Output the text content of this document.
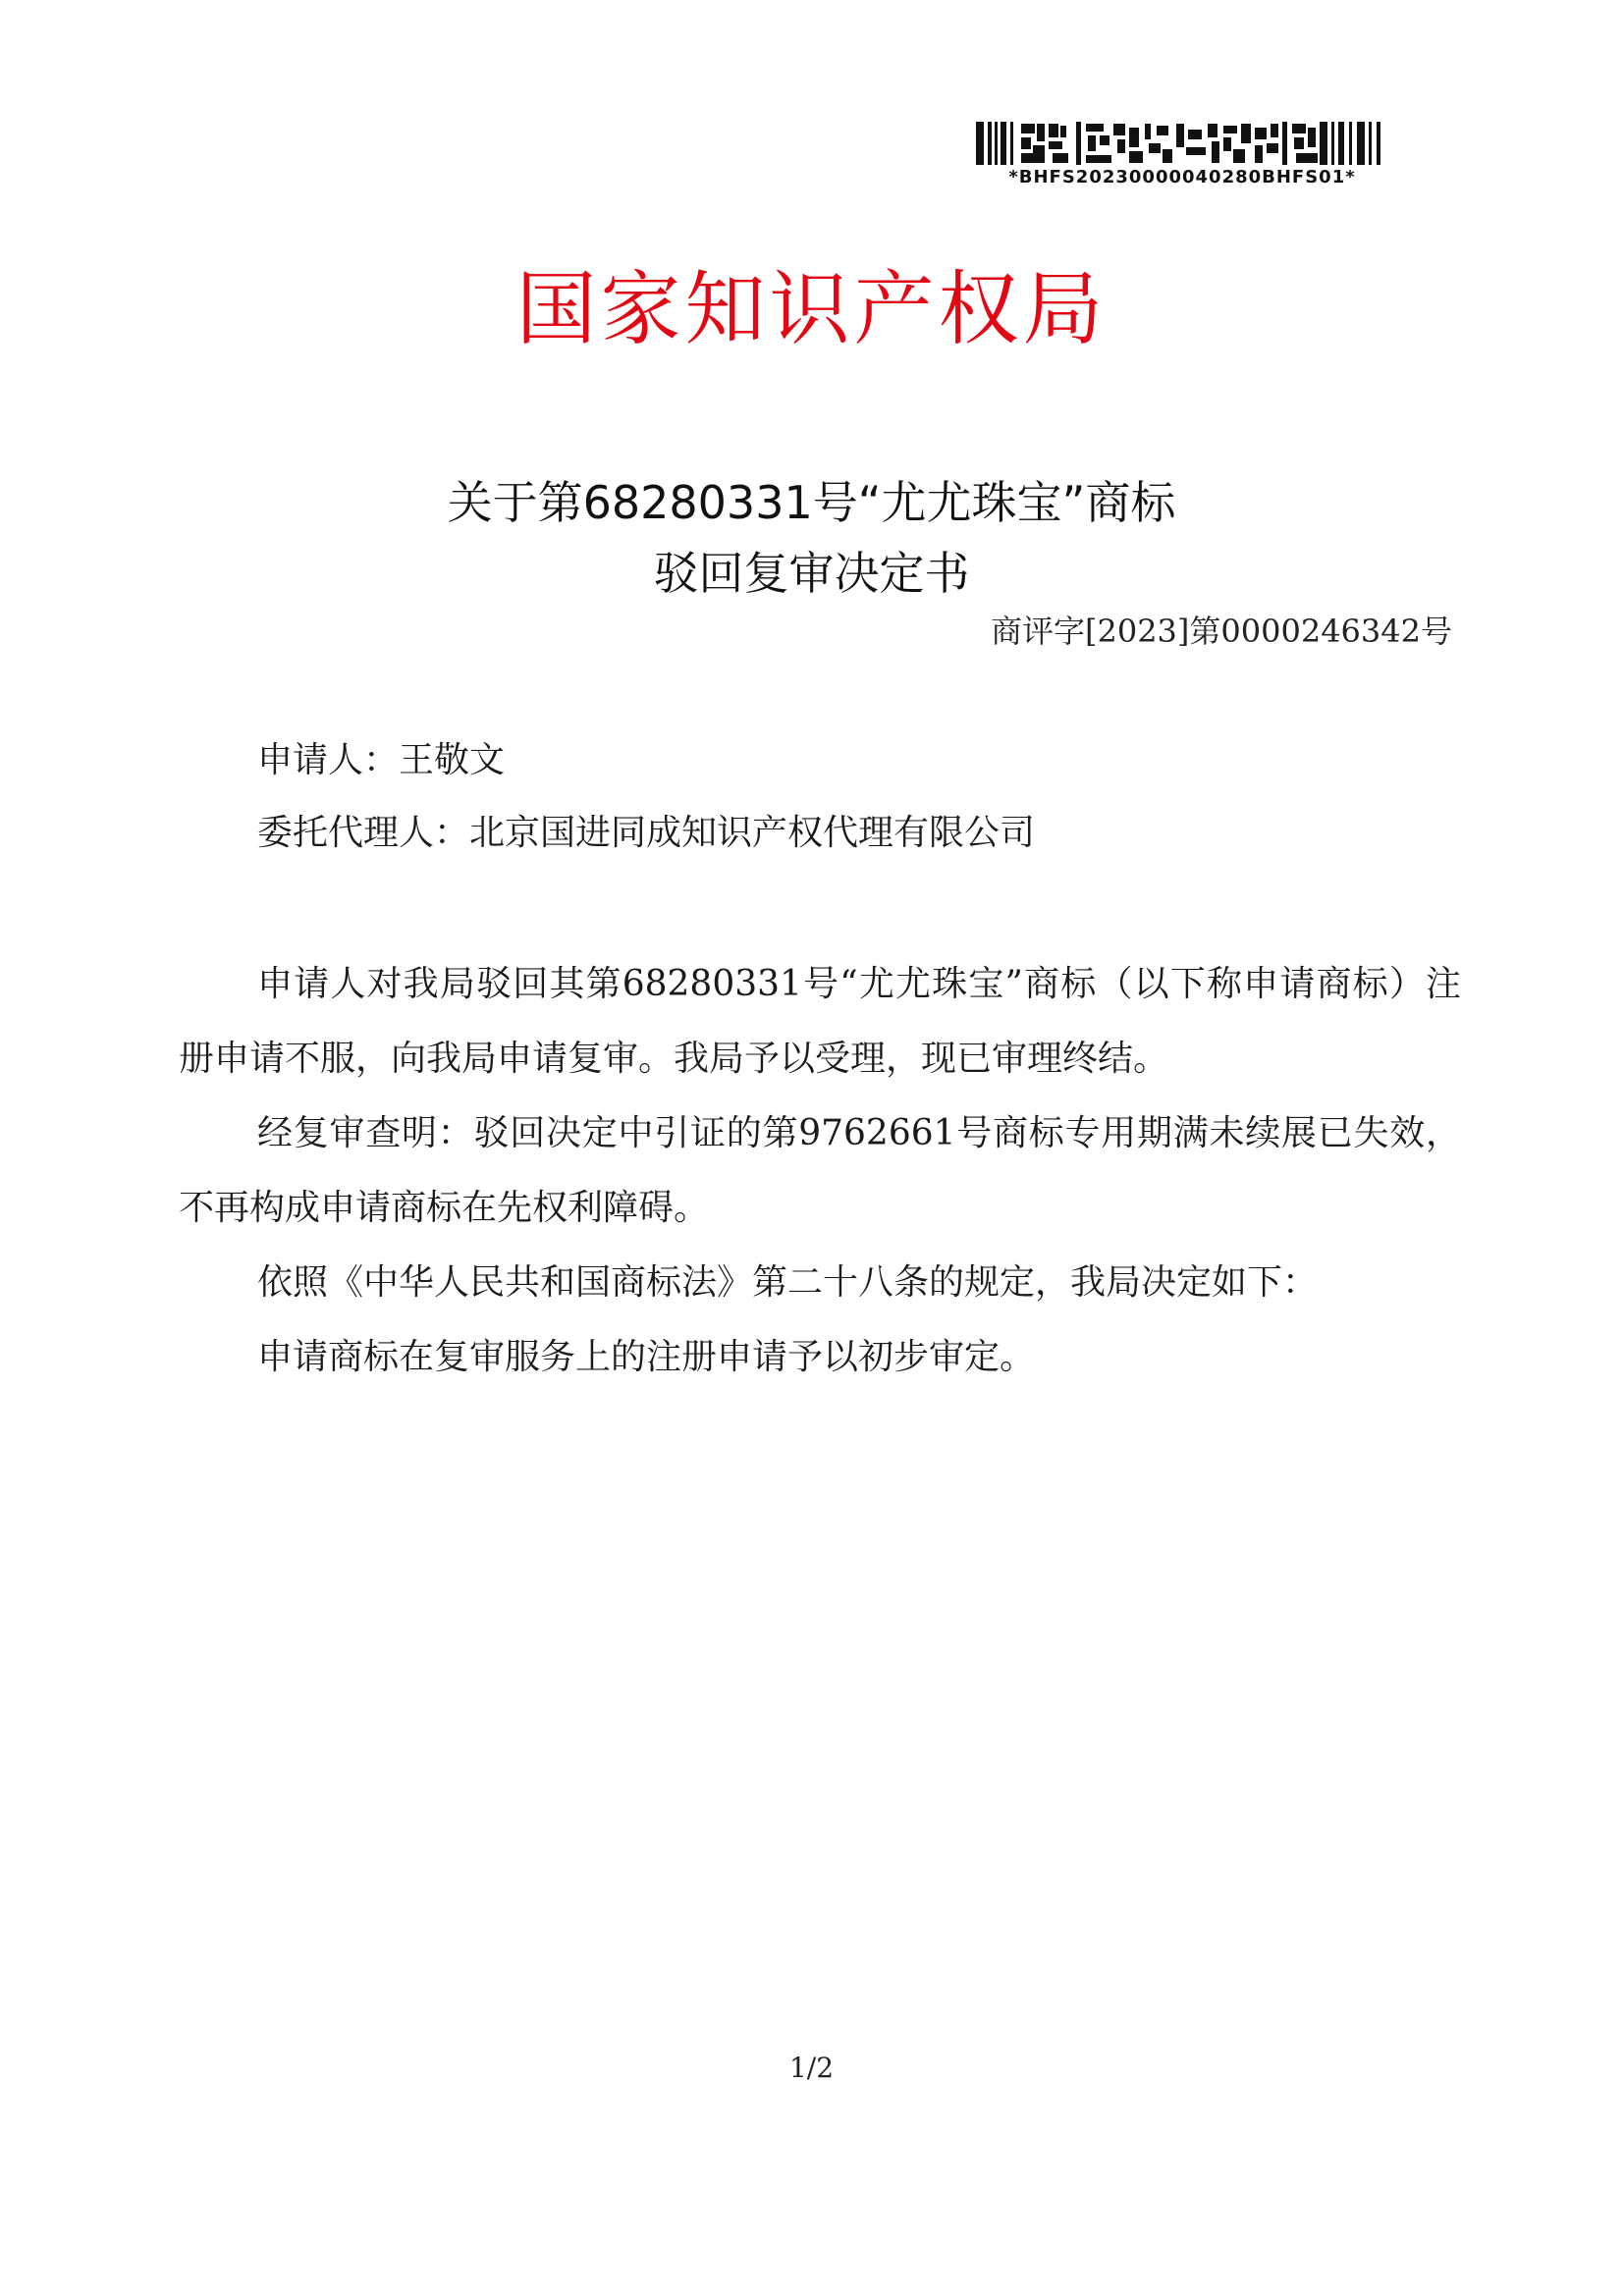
*BHFS20230000040280BHFS01*
国家知识产权局
关于第68280331号“尤尤珠宝”商标
驳回复审决定书
商评字[2023]第0000246342号
申请人：王敬文
委托代理人：北京国进同成知识产权代理有限公司

申请人对我局驳回其第68280331号“尤尤珠宝”商标（以下称申请商标）注册申请不服，向我局申请复审。我局予以受理，现已审理终结。

经复审查明：驳回决定中引证的第9762661号商标专用期满未续展已失效，不再构成申请商标在先权利障碍。

依照《中华人民共和国商标法》第二十八条的规定，我局决定如下：

申请商标在复审服务上的注册申请予以初步审定。

1/2
